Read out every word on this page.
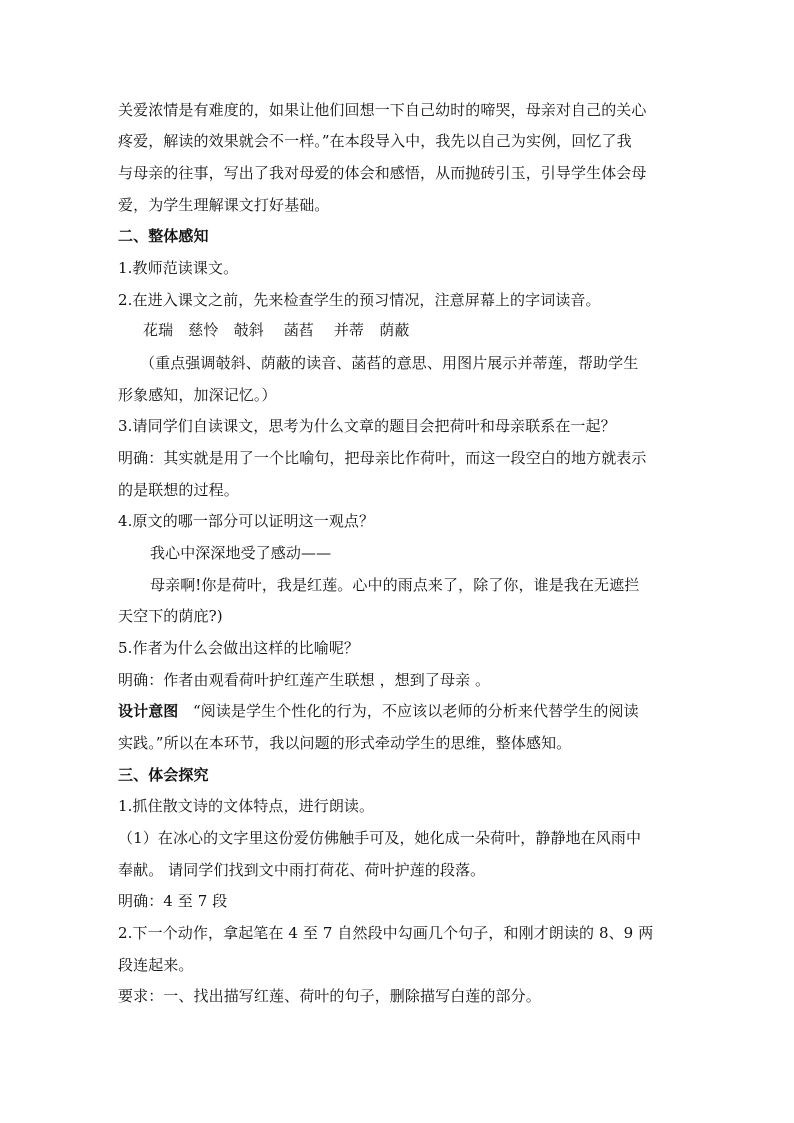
关爱浓情是有难度的，如果让他们回想一下自己幼时的啼哭，母亲对自己的关心
疼爱，解读的效果就会不一样。”在本段导入中，我先以自己为实例，回忆了我
与母亲的往事，写出了我对母爱的体会和感悟，从而抛砖引玉，引导学生体会母
爱，为学生理解课文打好基础。
二、整体感知
1.教师范读课文。
2.在进入课文之前，先来检查学生的预习情况，注意屏幕上的字词读音。
花瑞　慈怜　攲斜　 菡萏　 并蒂　荫蔽
（重点强调攲斜、荫蔽的读音、菡萏的意思、用图片展示并蒂莲，帮助学生
形象感知，加深记忆。）
3.请同学们自读课文，思考为什么文章的题目会把荷叶和母亲联系在一起？
明确：其实就是用了一个比喻句，把母亲比作荷叶，而这一段空白的地方就表示
的是联想的过程。
4.原文的哪一部分可以证明这一观点？
我心中深深地受了感动——
母亲啊!你是荷叶，我是红莲。心中的雨点来了，除了你，谁是我在无遮拦
天空下的荫庇?)
5.作者为什么会做出这样的比喻呢？
明确：作者由观看荷叶护红莲产生联想 ，想到了母亲 。
设计意图 “阅读是学生个性化的行为，不应该以老师的分析来代替学生的阅读
实践。”所以在本环节，我以问题的形式牵动学生的思维，整体感知。
三、体会探究
1.抓住散文诗的文体特点，进行朗读。
（1）在冰心的文字里这份爱仿佛触手可及，她化成一朵荷叶，静静地在风雨中
奉献。 请同学们找到文中雨打荷花、荷叶护莲的段落。
明确：4 至 7 段
2.下一个动作，拿起笔在 4 至 7 自然段中勾画几个句子，和刚才朗读的 8、9 两
段连起来。
要求：一、找出描写红莲、荷叶的句子，删除描写白莲的部分。
